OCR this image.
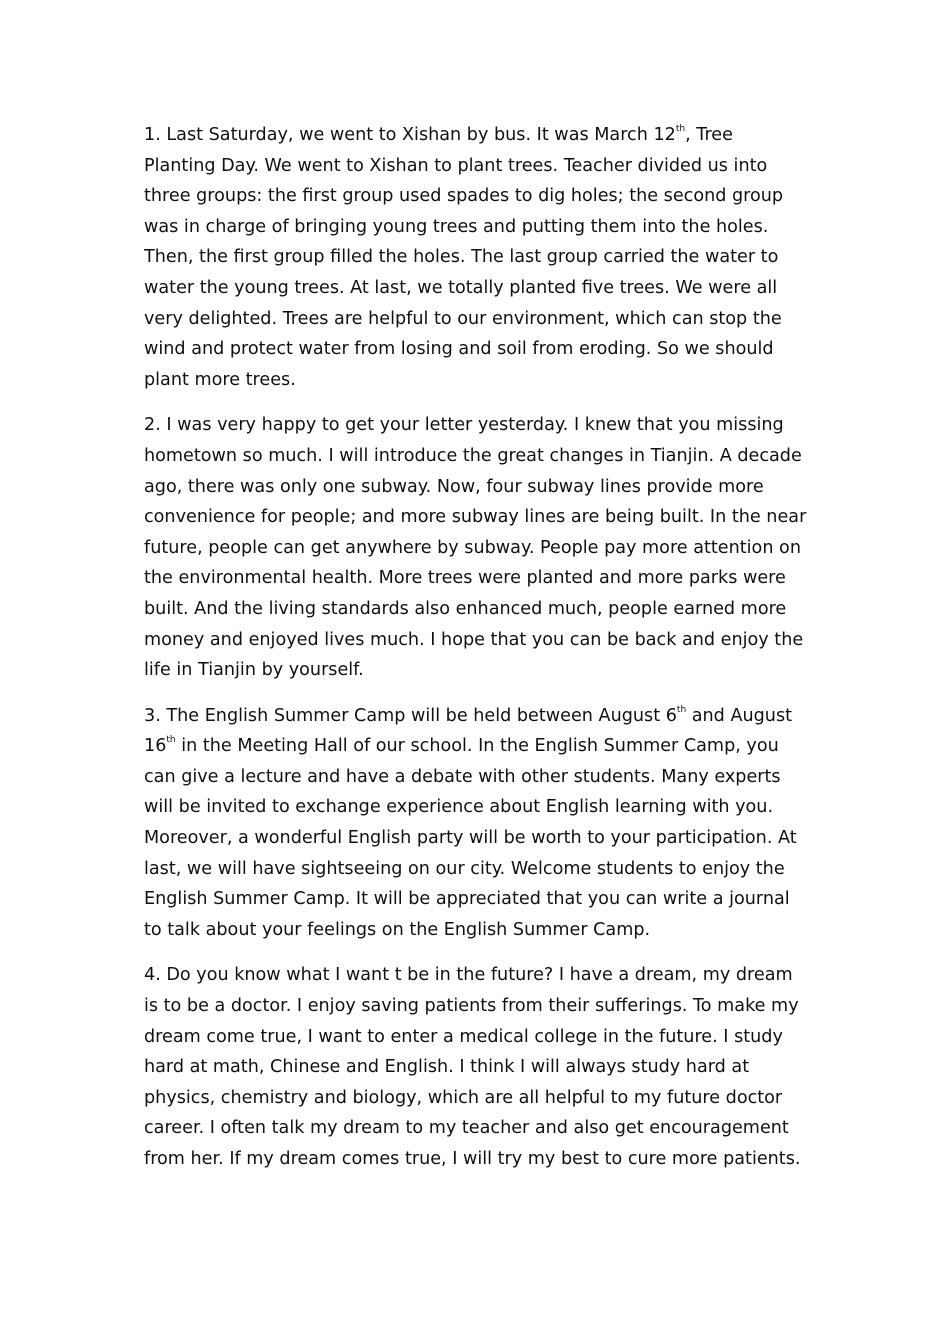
1. Last Saturday, we went to Xishan by bus. It was March 12th, Tree Planting Day. We went to Xishan to plant trees. Teacher divided us into three groups: the first group used spades to dig holes; the second group was in charge of bringing young trees and putting them into the holes. Then, the first group filled the holes. The last group carried the water to water the young trees. At last, we totally planted five trees. We were all very delighted. Trees are helpful to our environment, which can stop the wind and protect water from losing and soil from eroding. So we should plant more trees.

2. I was very happy to get your letter yesterday. I knew that you missing hometown so much. I will introduce the great changes in Tianjin. A decade ago, there was only one subway. Now, four subway lines provide more convenience for people; and more subway lines are being built. In the near future, people can get anywhere by subway. People pay more attention on the environmental health. More trees were planted and more parks were built. And the living standards also enhanced much, people earned more money and enjoyed lives much. I hope that you can be back and enjoy the life in Tianjin by yourself.

3. The English Summer Camp will be held between August 6th and August 16th in the Meeting Hall of our school. In the English Summer Camp, you can give a lecture and have a debate with other students. Many experts will be invited to exchange experience about English learning with you. Moreover, a wonderful English party will be worth to your participation. At last, we will have sightseeing on our city. Welcome students to enjoy the English Summer Camp. It will be appreciated that you can write a journal to talk about your feelings on the English Summer Camp.

4. Do you know what I want t be in the future? I have a dream, my dream is to be a doctor. I enjoy saving patients from their sufferings. To make my dream come true, I want to enter a medical college in the future. I study hard at math, Chinese and English. I think I will always study hard at physics, chemistry and biology, which are all helpful to my future doctor career. I often talk my dream to my teacher and also get encouragement from her. If my dream comes true, I will try my best to cure more patients.
